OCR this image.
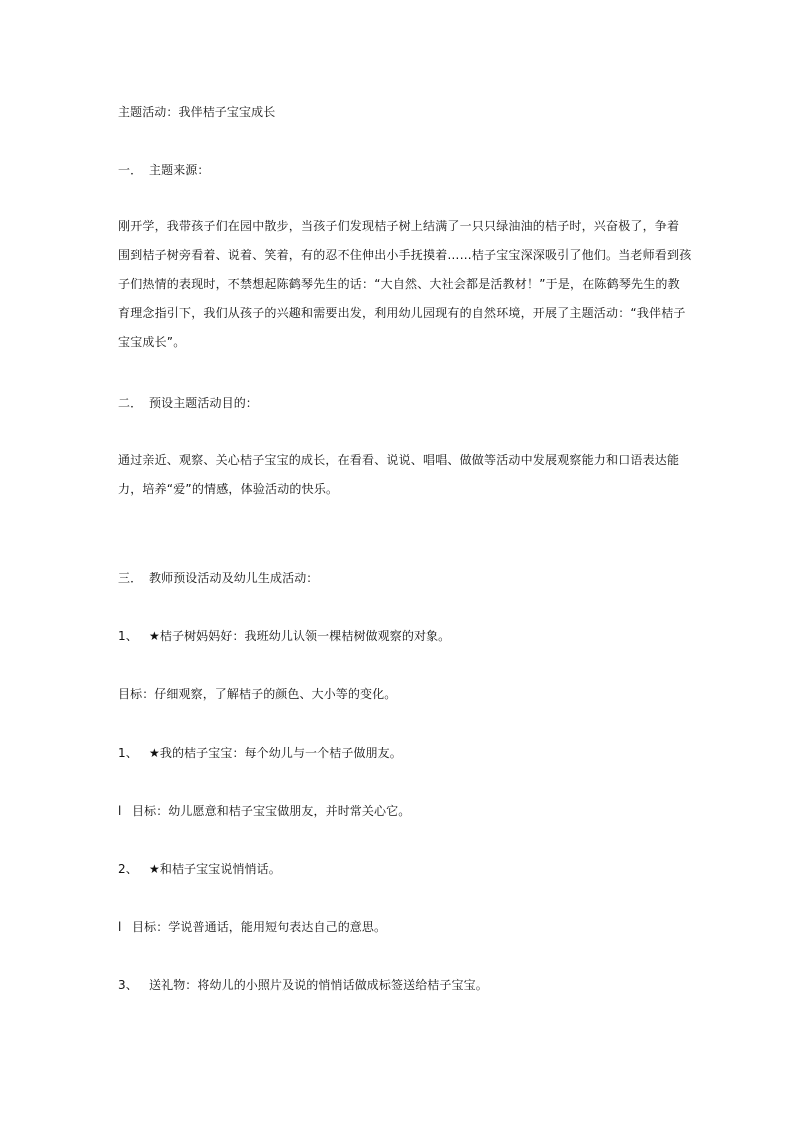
主题活动：我伴桔子宝宝成长
一． 主题来源：
刚开学，我带孩子们在园中散步，当孩子们发现桔子树上结满了一只只绿油油的桔子时，兴奋极了，争着
围到桔子树旁看着、说着、笑着，有的忍不住伸出小手抚摸着……桔子宝宝深深吸引了他们。当老师看到孩
子们热情的表现时，不禁想起陈鹤琴先生的话：“大自然、大社会都是活教材！”于是，在陈鹤琴先生的教
育理念指引下，我们从孩子的兴趣和需要出发，利用幼儿园现有的自然环境，开展了主题活动：“我伴桔子
宝宝成长”。
二． 预设主题活动目的：
通过亲近、观察、关心桔子宝宝的成长，在看看、说说、唱唱、做做等活动中发展观察能力和口语表达能
力，培养“爱”的情感，体验活动的快乐。
三． 教师预设活动及幼儿生成活动：
1、 ★桔子树妈妈好：我班幼儿认领一棵桔树做观察的对象。
目标：仔细观察，了解桔子的颜色、大小等的变化。
1、 ★我的桔子宝宝：每个幼儿与一个桔子做朋友。
l 目标：幼儿愿意和桔子宝宝做朋友，并时常关心它。
2、 ★和桔子宝宝说悄悄话。
l 目标：学说普通话，能用短句表达自己的意思。
3、 送礼物：将幼儿的小照片及说的悄悄话做成标签送给桔子宝宝。
